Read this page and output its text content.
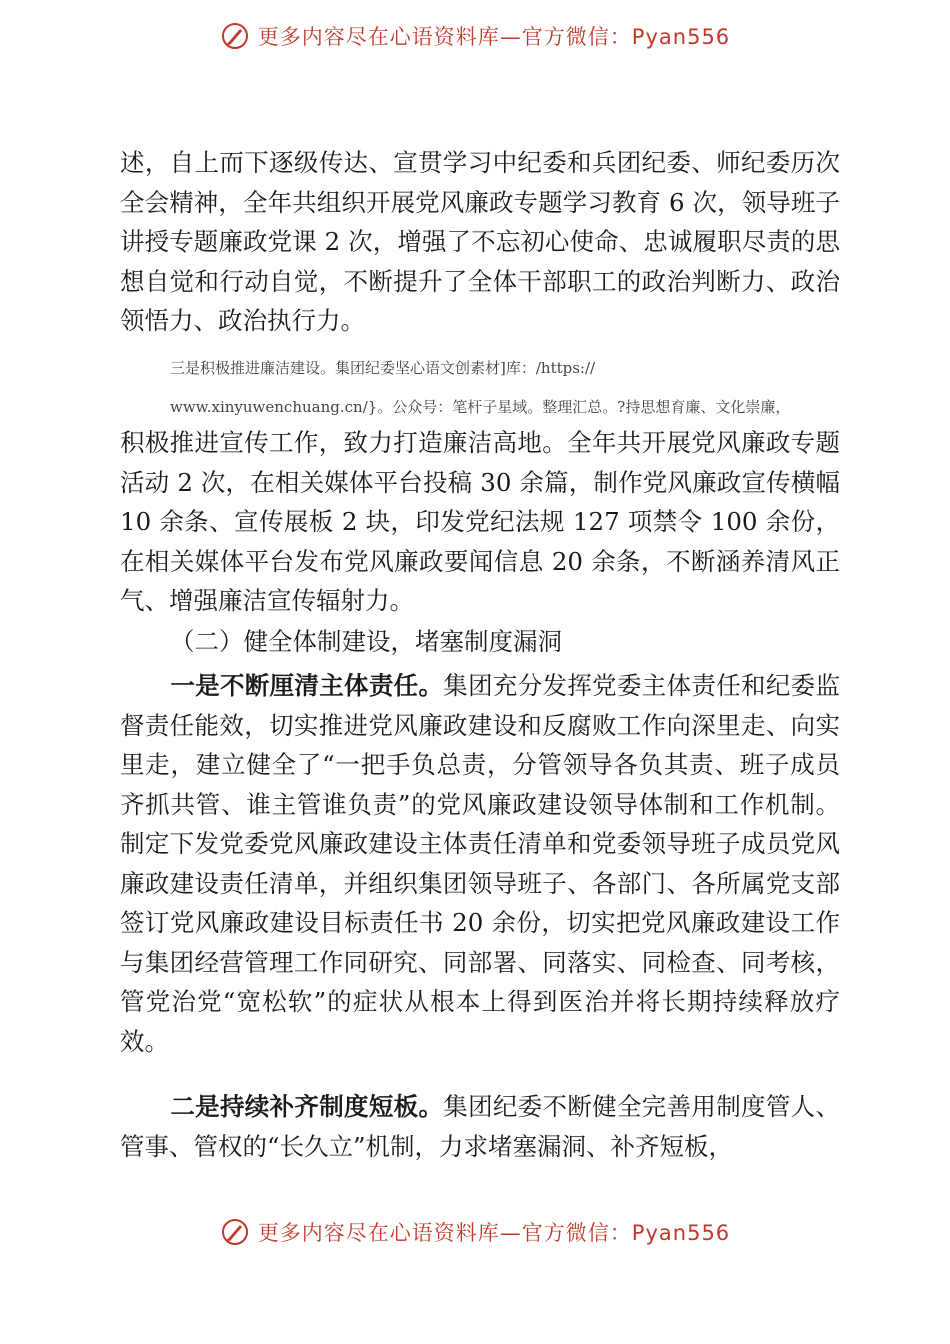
更多内容尽在心语资料库—官方微信：Pyan556

述，自上而下逐级传达、宣贯学习中纪委和兵团纪委、师纪委历次全会精神，全年共组织开展党风廉政专题学习教育 6 次，领导班子讲授专题廉政党课 2 次，增强了不忘初心使命、忠诚履职尽责的思想自觉和行动自觉，不断提升了全体干部职工的政治判断力、政治领悟力、政治执行力。

三是积极推进廉洁建设。集团纪委坚心语文创素材]库：/https://

www.xinyuwenchuang.cn/}。公众号：笔杆子星域。整理汇总。?持思想育廉、文化崇廉，

积极推进宣传工作，致力打造廉洁高地。全年共开展党风廉政专题活动 2 次，在相关媒体平台投稿 30 余篇，制作党风廉政宣传横幅 10 余条、宣传展板 2 块，印发党纪法规 127 项禁令 100 余份，在相关媒体平台发布党风廉政要闻信息 20 余条，不断涵养清风正气、增强廉洁宣传辐射力。

（二）健全体制建设，堵塞制度漏洞

一是不断厘清主体责任。集团充分发挥党委主体责任和纪委监督责任能效，切实推进党风廉政建设和反腐败工作向深里走、向实里走，建立健全了“一把手负总责，分管领导各负其责、班子成员齐抓共管、谁主管谁负责”的党风廉政建设领导体制和工作机制。制定下发党委党风廉政建设主体责任清单和党委领导班子成员党风廉政建设责任清单，并组织集团领导班子、各部门、各所属党支部签订党风廉政建设目标责任书 20 余份，切实把党风廉政建设工作与集团经营管理工作同研究、同部署、同落实、同检查、同考核，管党治党“宽松软”的症状从根本上得到医治并将长期持续释放疗效。

二是持续补齐制度短板。集团纪委不断健全完善用制度管人、管事、管权的“长久立”机制，力求堵塞漏洞、补齐短板，

更多内容尽在心语资料库—官方微信：Pyan556
